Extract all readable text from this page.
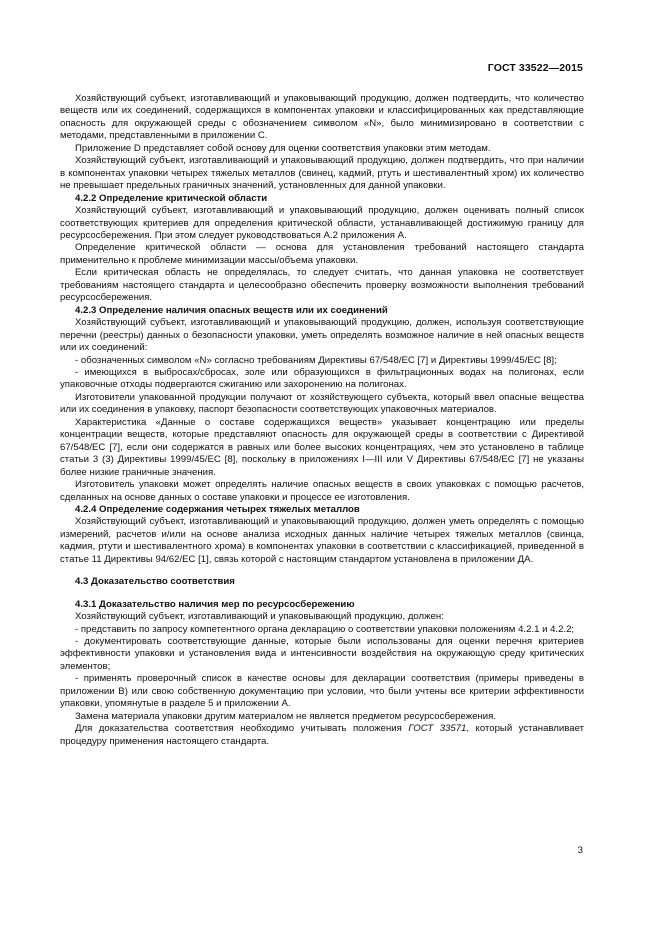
ГОСТ 33522—2015

Хозяйствующий субъект, изготавливающий и упаковывающий продукцию, должен подтвердить, что количество веществ или их соединений, содержащихся в компонентах упаковки и классифицированных как представляющие опасность для окружающей среды с обозначением символом «N», было минимизировано в соответствии с методами, представленными в приложении С.

Приложение D представляет собой основу для оценки соответствия упаковки этим методам.

Хозяйствующий субъект, изготавливающий и упаковывающий продукцию, должен подтвердить, что при наличии в компонентах упаковки четырех тяжелых металлов (свинец, кадмий, ртуть и шестивалентный хром) их количество не превышает предельных граничных значений, установленных для данной упаковки.

4.2.2 Определение критической области

Хозяйствующий субъект, изготавливающий и упаковывающий продукцию, должен оценивать полный список соответствующих критериев для определения критической области, устанавливающей достижимую границу для ресурсосбережения. При этом следует руководствоваться А.2 приложения А.

Определение критической области — основа для установления требований настоящего стандарта применительно к проблеме минимизации массы/объема упаковки.

Если критическая область не определялась, то следует считать, что данная упаковка не соответствует требованиям настоящего стандарта и целесообразно обеспечить проверку возможности выполнения требований ресурсосбережения.

4.2.3 Определение наличия опасных веществ или их соединений

Хозяйствующий субъект, изготавливающий и упаковывающий продукцию, должен, используя соответствующие перечни (реестры) данных о безопасности упаковки, уметь определять возможное наличие в ней опасных веществ или их соединений:

- обозначенных символом «N» согласно требованиям Директивы 67/548/ЕС [7] и Директивы 1999/45/ЕС [8];

- имеющихся в выбросах/сбросах, золе или образующихся в фильтрационных водах на полигонах, если упаковочные отходы подвергаются сжиганию или захоронению на полигонах.

Изготовители упакованной продукции получают от хозяйствующего субъекта, который ввел опасные вещества или их соединения в упаковку, паспорт безопасности соответствующих упаковочных материалов.

Характеристика «Данные о составе содержащихся веществ» указывает концентрацию или пределы концентрации веществ, которые представляют опасность для окружающей среды в соответствии с Директивой 67/548/ЕС [7], если они содержатся в равных или более высоких концентрациях, чем это установлено в таблице статьи 3 (3) Директивы 1999/45/ЕС [8], поскольку в приложениях I—III или V Директивы 67/548/ЕС [7] не указаны более низкие граничные значения.

Изготовитель упаковки может определять наличие опасных веществ в своих упаковках с помощью расчетов, сделанных на основе данных о составе упаковки и процессе ее изготовления.

4.2.4 Определение содержания четырех тяжелых металлов

Хозяйствующий субъект, изготавливающий и упаковывающий продукцию, должен уметь определять с помощью измерений, расчетов и/или на основе анализа исходных данных наличие четырех тяжелых металлов (свинца, кадмия, ртути и шестивалентного хрома) в компонентах упаковки в соответствии с классификацией, приведенной в статье 11 Директивы 94/62/ЕС [1], связь которой с настоящим стандартом установлена в приложении ДА.

4.3 Доказательство соответствия

4.3.1 Доказательство наличия мер по ресурсосбережению

Хозяйствующий субъект, изготавливающий и упаковывающий продукцию, должен:

- представить по запросу компетентного органа декларацию о соответствии упаковки положениям 4.2.1 и 4.2.2;

- документировать соответствующие данные, которые были использованы для оценки перечня критериев эффективности упаковки и установления вида и интенсивности воздействия на окружающую среду критических элементов;

- применять проверочный список в качестве основы для декларации соответствия (примеры приведены в приложении В) или свою собственную документацию при условии, что были учтены все критерии эффективности упаковки, упомянутые в разделе 5 и приложении А.

Замена материала упаковки другим материалом не является предметом ресурсосбережения.

Для доказательства соответствия необходимо учитывать положения ГОСТ 33571, который устанавливает процедуру применения настоящего стандарта.

3
